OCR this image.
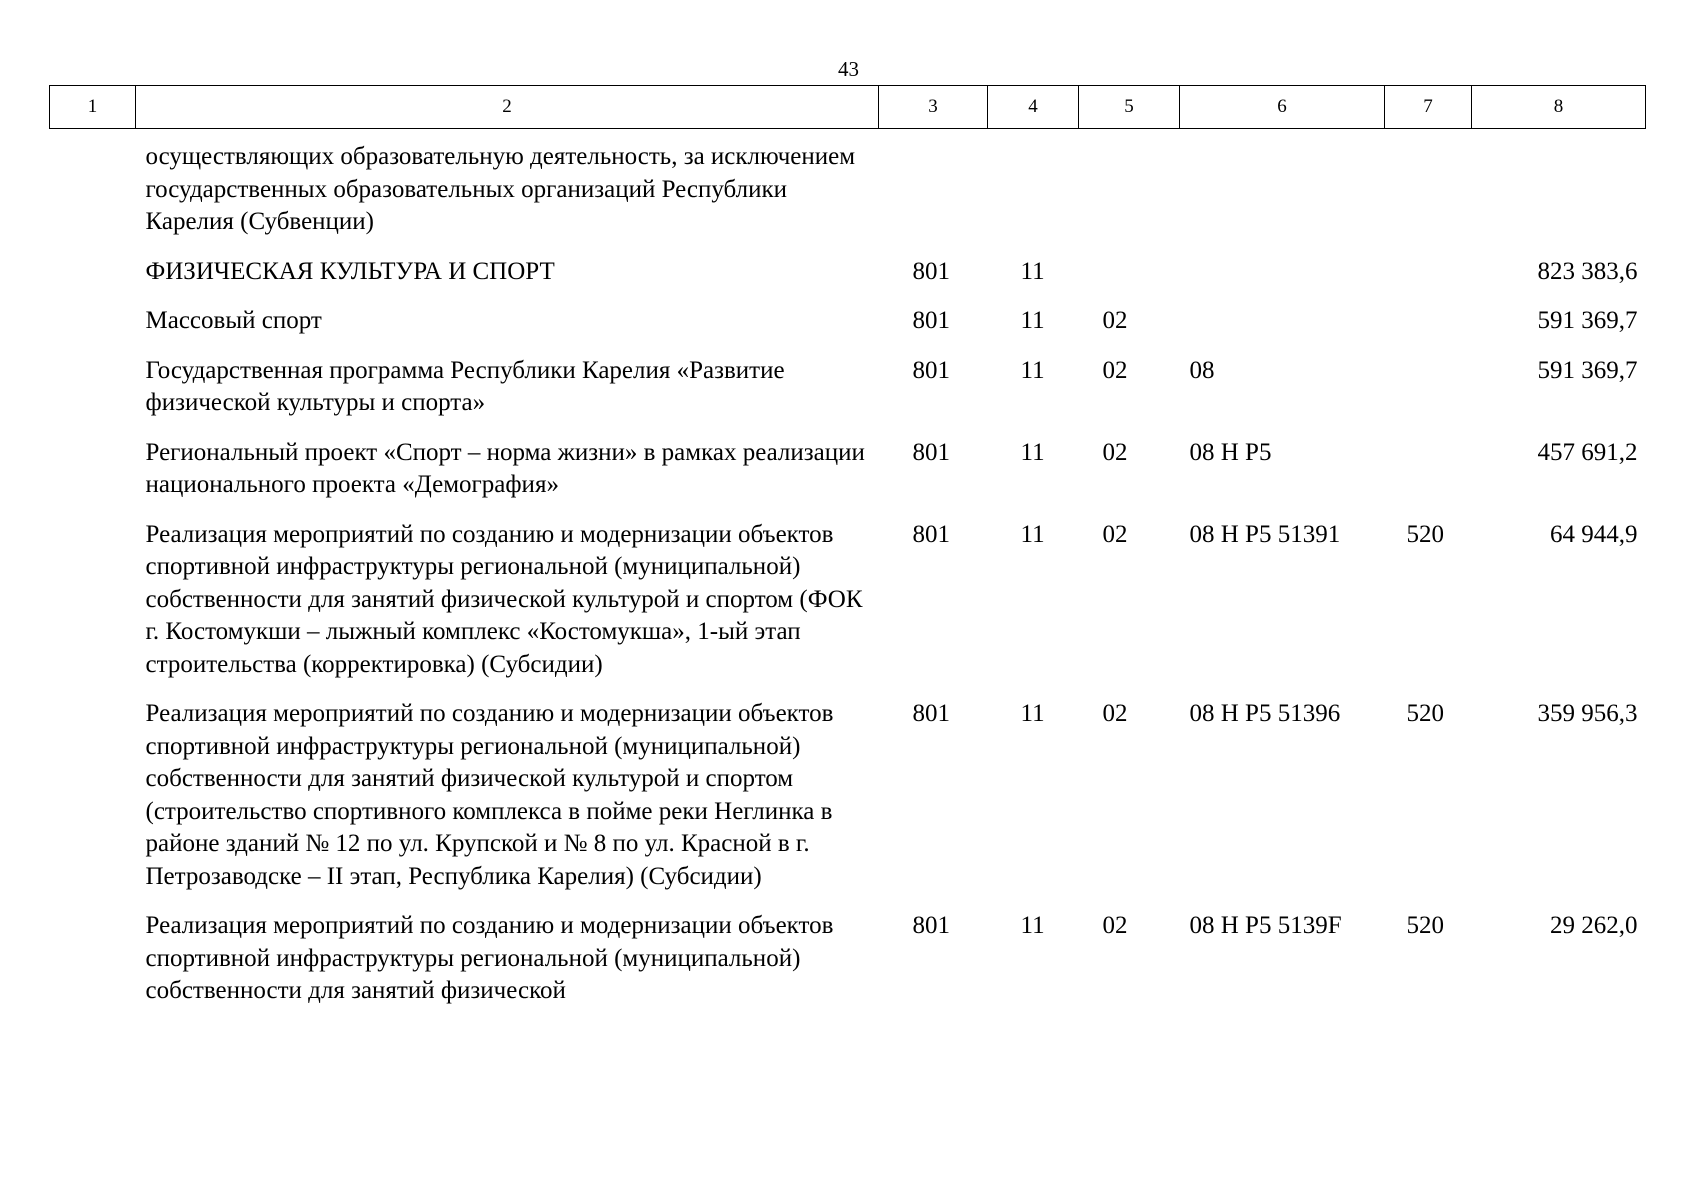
43
1	2	3	4	5	6	7	8
	осуществляющих образовательную деятельность, за исключением государственных образовательных организаций Республики Карелия (Субвенции)						
	ФИЗИЧЕСКАЯ КУЛЬТУРА И СПОРТ	801	11				823 383,6
	Массовый спорт	801	11	02			591 369,7
	Государственная программа Республики Карелия «Развитие физической культуры и спорта»	801	11	02	08		591 369,7
	Региональный проект «Спорт – норма жизни» в рамках реализации национального проекта «Демография»	801	11	02	08 Н Р5		457 691,2
	Реализация мероприятий по созданию и модернизации объектов спортивной инфраструктуры региональной (муниципальной) собственности для занятий физической культурой и спортом (ФОК г. Костомукши – лыжный комплекс «Костомукша», 1-ый этап строительства (корректировка) (Субсидии)	801	11	02	08 Н Р5 51391	520	64 944,9
	Реализация мероприятий по созданию и модернизации объектов спортивной инфраструктуры региональной (муниципальной) собственности для занятий физической культурой и спортом (строительство спортивного комплекса в пойме реки Неглинка в районе зданий № 12 по ул. Крупской и № 8 по ул. Красной в г. Петрозаводске – II этап, Республика Карелия) (Субсидии)	801	11	02	08 Н Р5 51396	520	359 956,3
	Реализация мероприятий по созданию и модернизации объектов спортивной инфраструктуры региональной (муниципальной) собственности для занятий физической	801	11	02	08 Н Р5 5139F	520	29 262,0
